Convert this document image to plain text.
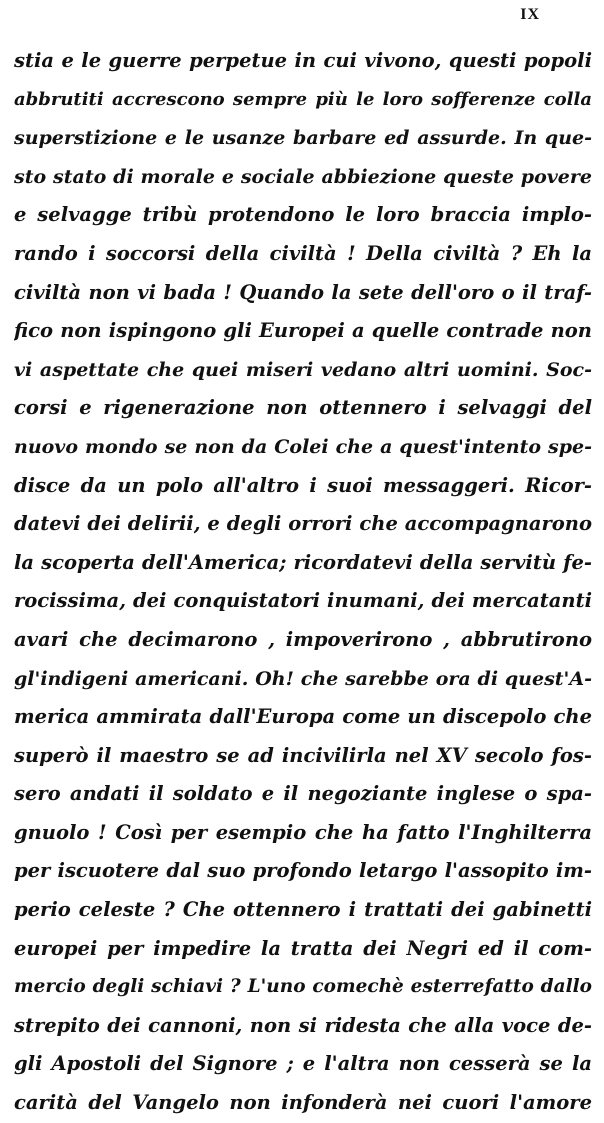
IX
stia e le guerre perpetue in cui vivono, questi popoli
abbrutiti accrescono sempre più le loro sofferenze colla
superstizione e le usanze barbare ed assurde. In que-
sto stato di morale e sociale abbiezione queste povere
e selvagge tribù protendono le loro braccia implo-
rando i soccorsi della civiltà ! Della civiltà ? Eh la
civiltà non vi bada ! Quando la sete dell'oro o il traf-
fico non ispingono gli Europei a quelle contrade non
vi aspettate che quei miseri vedano altri uomini. Soc-
corsi e rigenerazione non ottennero i selvaggi del
nuovo mondo se non da Colei che a quest'intento spe-
disce da un polo all'altro i suoi messaggeri. Ricor-
datevi dei delirii, e degli orrori che accompagnarono
la scoperta dell'America; ricordatevi della servitù fe-
rocissima, dei conquistatori inumani, dei mercatanti
avari che decimarono , impoverirono , abbrutirono
gl'indigeni americani. Oh! che sarebbe ora di quest'A-
merica ammirata dall'Europa come un discepolo che
superò il maestro se ad incivilirla nel XV secolo fos-
sero andati il soldato e il negoziante inglese o spa-
gnuolo ! Così per esempio che ha fatto l'Inghilterra
per iscuotere dal suo profondo letargo l'assopito im-
perio celeste ? Che ottennero i trattati dei gabinetti
europei per impedire la tratta dei Negri ed il com-
mercio degli schiavi ? L'uno comechè esterrefatto dallo
strepito dei cannoni, non si ridesta che alla voce de-
gli Apostoli del Signore ; e l'altra non cesserà se la
carità del Vangelo non infonderà nei cuori l'amore
